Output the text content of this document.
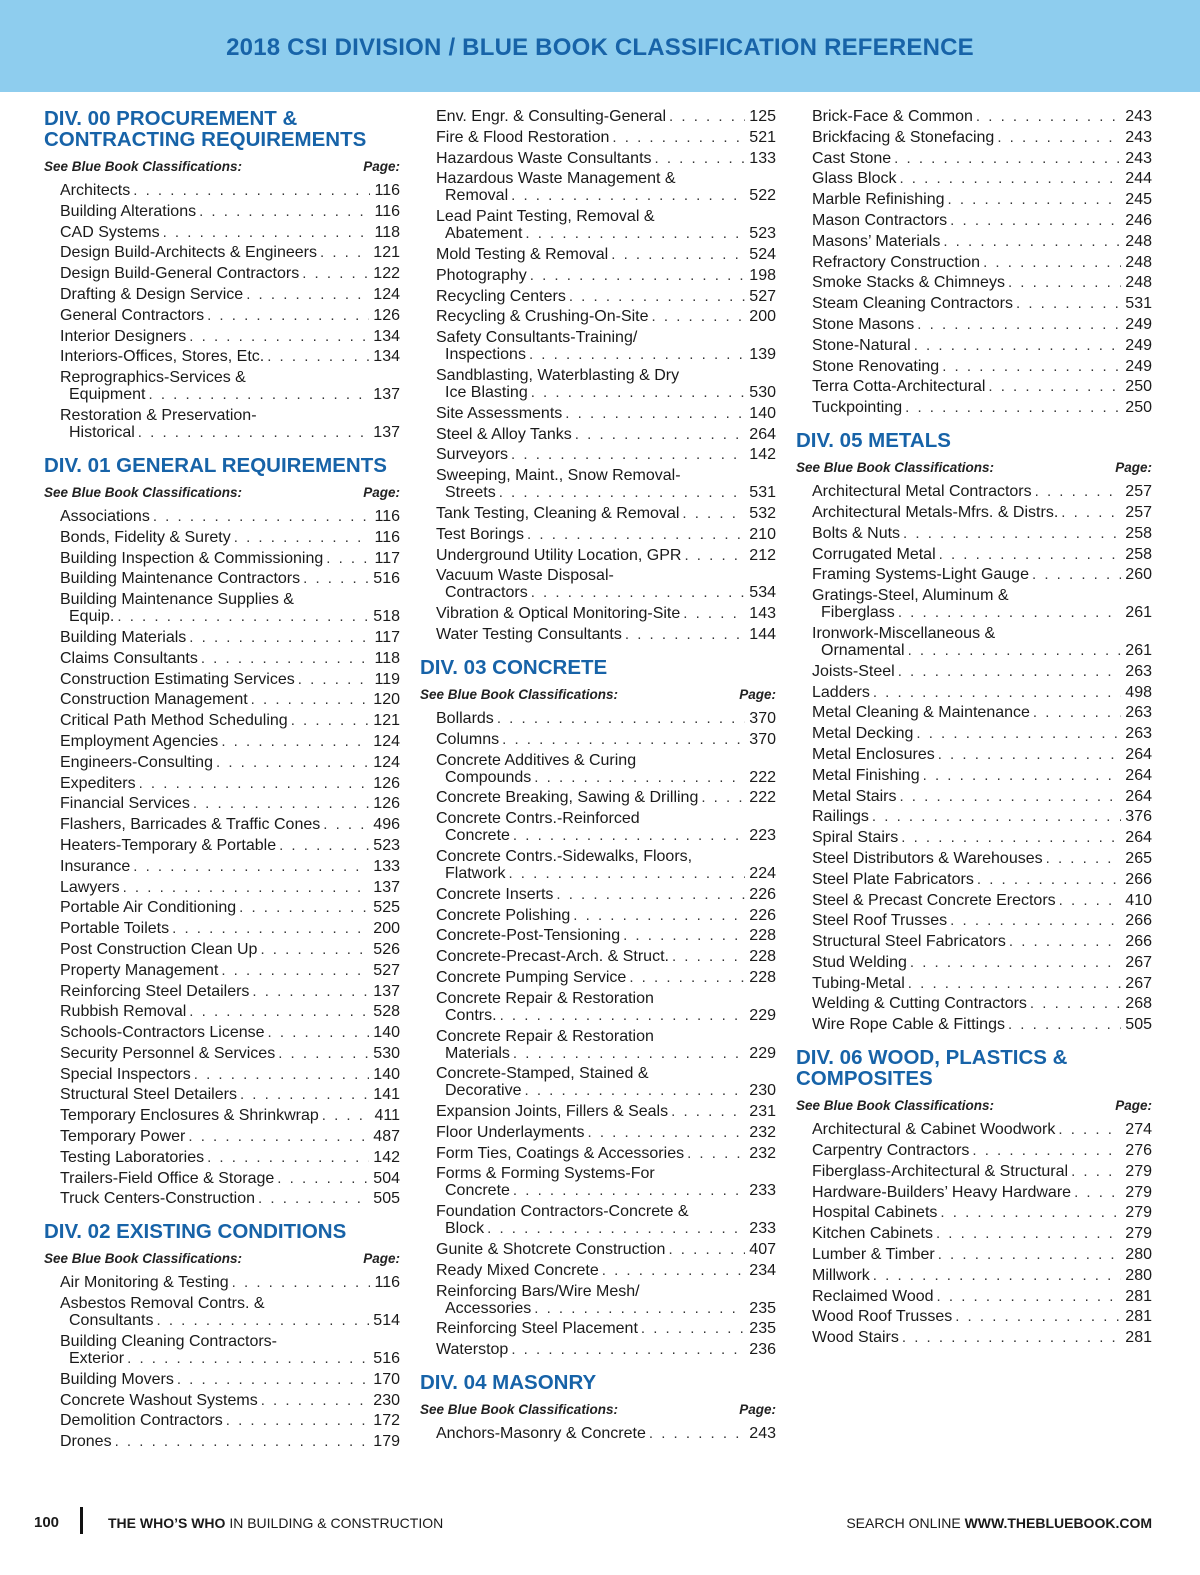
2018 CSI DIVISION / BLUE BOOK CLASSIFICATION REFERENCE
DIV. 00 PROCUREMENT & CONTRACTING REQUIREMENTS
See Blue Book Classifications:	Page:
Architects . . .	116
Building Alterations . . .	116
CAD Systems . . .	118
Design Build-Architects & Engineers . . .	121
Design Build-General Contractors . . .	122
Drafting & Design Service . . .	124
General Contractors . . .	126
Interior Designers . . .	134
Interiors-Offices, Stores, Etc. . . .	134
Reprographics-Services &
Equipment . . .	137
Restoration & Preservation-
Historical . . .	137
DIV. 01 GENERAL REQUIREMENTS
See Blue Book Classifications:	Page:
Associations . . .	116
Bonds, Fidelity & Surety . . .	116
Building Inspection & Commissioning . . .	117
Building Maintenance Contractors . . .	516
Building Maintenance Supplies &
Equip. . . .	518
Building Materials . . .	117
Claims Consultants . . .	118
Construction Estimating Services . . .	119
Construction Management . . .	120
Critical Path Method Scheduling . . .	121
Employment Agencies . . .	124
Engineers-Consulting . . .	124
Expediters . . .	126
Financial Services . . .	126
Flashers, Barricades & Traffic Cones . . .	496
Heaters-Temporary & Portable . . .	523
Insurance . . .	133
Lawyers . . .	137
Portable Air Conditioning . . .	525
Portable Toilets . . .	200
Post Construction Clean Up . . .	526
Property Management . . .	527
Reinforcing Steel Detailers . . .	137
Rubbish Removal . . .	528
Schools-Contractors License . . .	140
Security Personnel & Services . . .	530
Special Inspectors . . .	140
Structural Steel Detailers . . .	141
Temporary Enclosures & Shrinkwrap . . .	411
Temporary Power . . .	487
Testing Laboratories . . .	142
Trailers-Field Office & Storage . . .	504
Truck Centers-Construction . . .	505
DIV. 02 EXISTING CONDITIONS
See Blue Book Classifications:	Page:
Air Monitoring & Testing . . .	116
Asbestos Removal Contrs. &
Consultants . . .	514
Building Cleaning Contractors-
Exterior . . .	516
Building Movers . . .	170
Concrete Washout Systems . . .	230
Demolition Contractors . . .	172
Drones . . .	179
Env. Engr. & Consulting-General . . .	125
Fire & Flood Restoration . . .	521
Hazardous Waste Consultants . . .	133
Hazardous Waste Management &
Removal . . .	522
Lead Paint Testing, Removal &
Abatement . . .	523
Mold Testing & Removal . . .	524
Photography . . .	198
Recycling Centers . . .	527
Recycling & Crushing-On-Site . . .	200
Safety Consultants-Training/
Inspections . . .	139
Sandblasting, Waterblasting & Dry
Ice Blasting . . .	530
Site Assessments . . .	140
Steel & Alloy Tanks . . .	264
Surveyors . . .	142
Sweeping, Maint., Snow Removal-
Streets . . .	531
Tank Testing, Cleaning & Removal . . .	532
Test Borings . . .	210
Underground Utility Location, GPR . . .	212
Vacuum Waste Disposal-
Contractors . . .	534
Vibration & Optical Monitoring-Site . . .	143
Water Testing Consultants . . .	144
DIV. 03 CONCRETE
See Blue Book Classifications:	Page:
Bollards . . .	370
Columns . . .	370
Concrete Additives & Curing
Compounds . . .	222
Concrete Breaking, Sawing & Drilling . . .	222
Concrete Contrs.-Reinforced
Concrete . . .	223
Concrete Contrs.-Sidewalks, Floors,
Flatwork . . .	224
Concrete Inserts . . .	226
Concrete Polishing . . .	226
Concrete-Post-Tensioning . . .	228
Concrete-Precast-Arch. & Struct. . . .	228
Concrete Pumping Service . . .	228
Concrete Repair & Restoration
Contrs. . . .	229
Concrete Repair & Restoration
Materials . . .	229
Concrete-Stamped, Stained &
Decorative . . .	230
Expansion Joints, Fillers & Seals . . .	231
Floor Underlayments . . .	232
Form Ties, Coatings & Accessories . . .	232
Forms & Forming Systems-For
Concrete . . .	233
Foundation Contractors-Concrete &
Block . . .	233
Gunite & Shotcrete Construction . . .	407
Ready Mixed Concrete . . .	234
Reinforcing Bars/Wire Mesh/
Accessories . . .	235
Reinforcing Steel Placement . . .	235
Waterstop . . .	236
DIV. 04 MASONRY
See Blue Book Classifications:	Page:
Anchors-Masonry & Concrete . . .	243
Brick-Face & Common . . .	243
Brickfacing & Stonefacing . . .	243
Cast Stone . . .	243
Glass Block . . .	244
Marble Refinishing . . .	245
Mason Contractors . . .	246
Masons’ Materials . . .	248
Refractory Construction . . .	248
Smoke Stacks & Chimneys . . .	248
Steam Cleaning Contractors . . .	531
Stone Masons . . .	249
Stone-Natural . . .	249
Stone Renovating . . .	249
Terra Cotta-Architectural . . .	250
Tuckpointing . . .	250
DIV. 05 METALS
See Blue Book Classifications:	Page:
Architectural Metal Contractors . . .	257
Architectural Metals-Mfrs. & Distrs. . . .	257
Bolts & Nuts . . .	258
Corrugated Metal . . .	258
Framing Systems-Light Gauge . . .	260
Gratings-Steel, Aluminum &
Fiberglass . . .	261
Ironwork-Miscellaneous &
Ornamental . . .	261
Joists-Steel . . .	263
Ladders . . .	498
Metal Cleaning & Maintenance . . .	263
Metal Decking . . .	263
Metal Enclosures . . .	264
Metal Finishing . . .	264
Metal Stairs . . .	264
Railings . . .	376
Spiral Stairs . . .	264
Steel Distributors & Warehouses . . .	265
Steel Plate Fabricators . . .	266
Steel & Precast Concrete Erectors . . .	410
Steel Roof Trusses . . .	266
Structural Steel Fabricators . . .	266
Stud Welding . . .	267
Tubing-Metal . . .	267
Welding & Cutting Contractors . . .	268
Wire Rope Cable & Fittings . . .	505
DIV. 06 WOOD, PLASTICS & COMPOSITES
See Blue Book Classifications:	Page:
Architectural & Cabinet Woodwork . . .	274
Carpentry Contractors . . .	276
Fiberglass-Architectural & Structural . . .	279
Hardware-Builders’ Heavy Hardware . . .	279
Hospital Cabinets . . .	279
Kitchen Cabinets . . .	279
Lumber & Timber . . .	280
Millwork . . .	280
Reclaimed Wood . . .	281
Wood Roof Trusses . . .	281
Wood Stairs . . .	281
100	THE WHO’S WHO IN BUILDING & CONSTRUCTION	SEARCH ONLINE WWW.THEBLUEBOOK.COM
